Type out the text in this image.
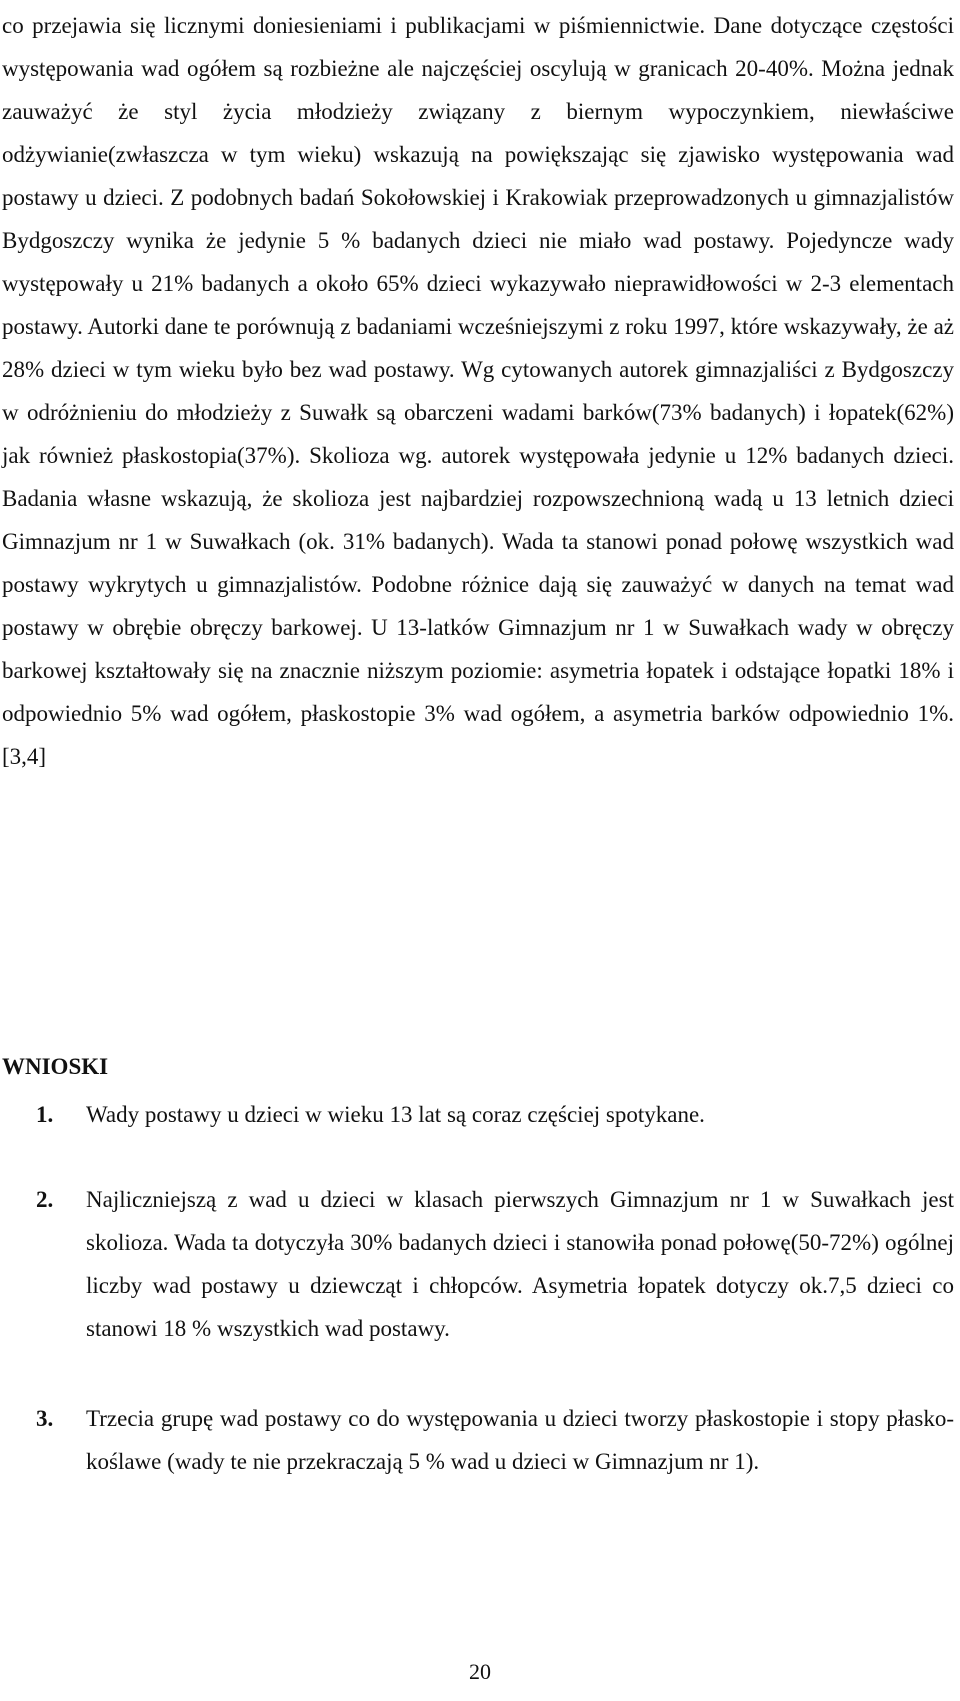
co przejawia się licznymi doniesieniami i publikacjami w piśmiennictwie. Dane dotyczące częstości występowania wad ogółem są rozbieżne ale najczęściej oscylują w granicach 20-40%. Można jednak zauważyć że styl życia młodzieży związany z biernym wypoczynkiem, niewłaściwe odżywianie(zwłaszcza w tym wieku) wskazują na powiększając się zjawisko występowania wad postawy u dzieci. Z podobnych badań Sokołowskiej i Krakowiak przeprowadzonych u gimnazjalistów Bydgoszczy wynika że jedynie 5 % badanych dzieci nie miało wad postawy. Pojedyncze wady występowały u 21% badanych a około 65% dzieci wykazywało nieprawidłowości w 2-3 elementach postawy. Autorki dane te porównują z badaniami wcześniejszymi z roku 1997, które wskazywały, że aż 28% dzieci w tym wieku było bez wad postawy. Wg cytowanych autorek gimnazjaliści z Bydgoszczy w odróżnieniu do młodzieży z Suwałk są obarczeni wadami barków(73% badanych) i łopatek(62%) jak również płaskostopia(37%). Skolioza wg. autorek występowała jedynie u 12% badanych dzieci. Badania własne wskazują, że skolioza jest najbardziej rozpowszechnioną wadą u 13 letnich dzieci Gimnazjum nr 1 w Suwałkach (ok. 31% badanych). Wada ta stanowi ponad połowę wszystkich wad postawy wykrytych u gimnazjalistów. Podobne różnice dają się zauważyć w danych na temat wad postawy w obrębie obręczy barkowej. U 13-latków Gimnazjum nr 1 w Suwałkach wady w obręczy barkowej kształtowały się na znacznie niższym poziomie: asymetria łopatek i odstające łopatki 18% i odpowiednio 5% wad ogółem, płaskostopie 3% wad ogółem, a asymetria barków odpowiednio 1%.[3,4]
WNIOSKI
1. Wady postawy u dzieci w wieku 13 lat są coraz częściej spotykane.
2. Najliczniejszą z wad u dzieci w klasach pierwszych Gimnazjum nr 1 w Suwałkach jest skolioza. Wada ta dotyczyła 30% badanych dzieci i stanowiła ponad połowę(50-72%) ogólnej liczby wad postawy u dziewcząt i chłopców. Asymetria łopatek dotyczy ok.7,5 dzieci co stanowi 18 % wszystkich wad postawy.
3. Trzecia grupę wad postawy co do występowania u dzieci tworzy płaskostopie i stopy płasko-koślawe (wady te nie przekraczają 5 % wad u dzieci w Gimnazjum nr 1).
20
